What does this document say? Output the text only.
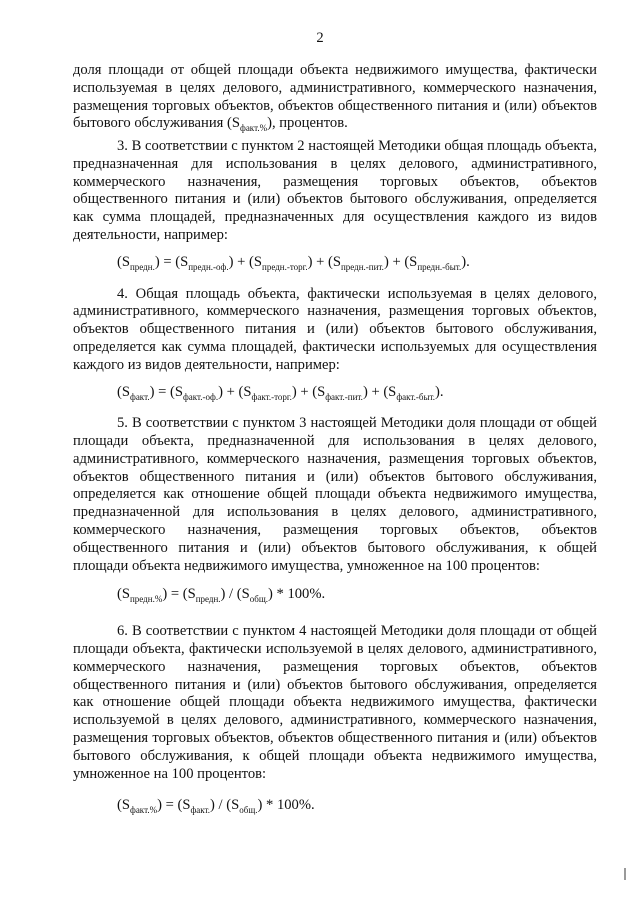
2

доля площади от общей площади объекта недвижимого имущества, фактически используемая в целях делового, административного, коммерческого назначения, размещения торговых объектов, объектов общественного питания и (или) объектов бытового обслуживания $(S_{факт.\%})$, процентов.

3. В соответствии с пунктом 2 настоящей Методики общая площадь объекта, предназначенная для использования в целях делового, административного, коммерческого назначения, размещения торговых объектов, объектов общественного питания и (или) объектов бытового обслуживания, определяется как сумма площадей, предназначенных для осуществления каждого из видов деятельности, например:

$(S_{предн.}) = (S_{предн.-оф.}) + (S_{предн.-торг.}) + (S_{предн.-пит.}) + (S_{предн.-быт.})$.

4. Общая площадь объекта, фактически используемая в целях делового, административного, коммерческого назначения, размещения торговых объектов, объектов общественного питания и (или) объектов бытового обслуживания, определяется как сумма площадей, фактически используемых для осуществления каждого из видов деятельности, например:

$(S_{факт.}) = (S_{факт.-оф.}) + (S_{факт.-торг.}) + (S_{факт.-пит.}) + (S_{факт.-быт.})$.

5. В соответствии с пунктом 3 настоящей Методики доля площади от общей площади объекта, предназначенной для использования в целях делового, административного, коммерческого назначения, размещения торговых объектов, объектов общественного питания и (или) объектов бытового обслуживания, определяется как отношение общей площади объекта недвижимого имущества, предназначенной для использования в целях делового, административного, коммерческого назначения, размещения торговых объектов, объектов общественного питания и (или) объектов бытового обслуживания, к общей площади объекта недвижимого имущества, умноженное на 100 процентов:

$(S_{предн.\%}) = (S_{предн.}) / (S_{общ.}) * 100\%$.

6. В соответствии с пунктом 4 настоящей Методики доля площади от общей площади объекта, фактически используемой в целях делового, административного, коммерческого назначения, размещения торговых объектов, объектов общественного питания и (или) объектов бытового обслуживания, определяется как отношение общей площади объекта недвижимого имущества, фактически используемой в целях делового, административного, коммерческого назначения, размещения торговых объектов, объектов общественного питания и (или) объектов бытового обслуживания, к общей площади объекта недвижимого имущества, умноженное на 100 процентов:

$(S_{факт.\%}) = (S_{факт.}) / (S_{общ.}) * 100\%$.
